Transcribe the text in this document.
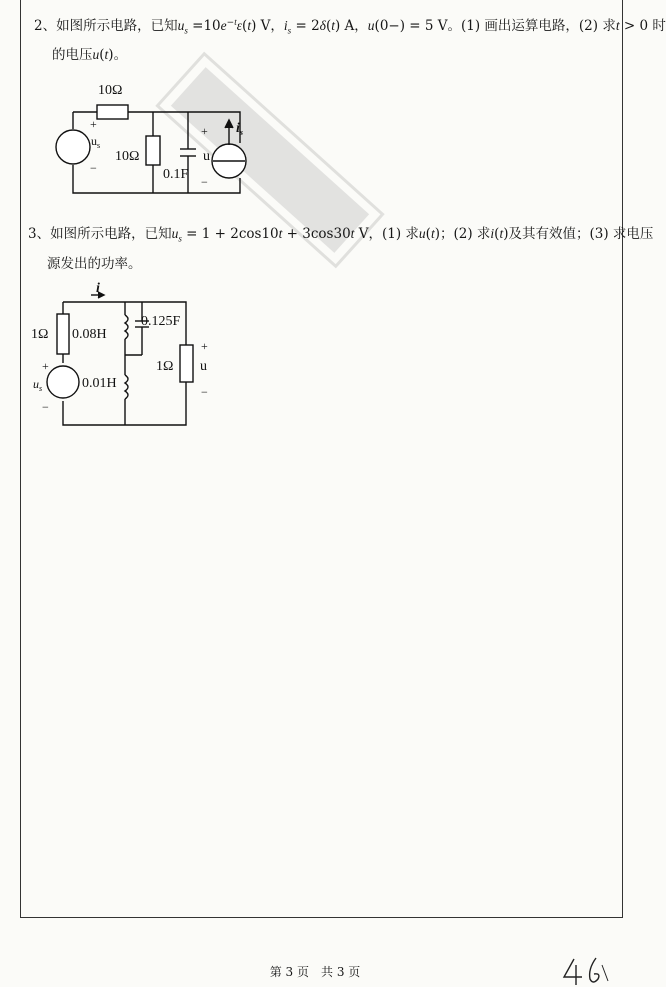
2、如图所示电路，已知$u_s =10e^{-t}\varepsilon(t)$ V，$i_s = 2\delta(t)$ A，u(0−) = 5 V。(1) 画出运算电路，(2) 求t > 0 时
的电压u(t)。
10Ω
$u_s$
+
−
10Ω
0.1F
u
+
−
$i_s$
3、如图所示电路，已知$u_s = 1 + 2\cos 10t + 3\cos 30t$ V，(1) 求u(t)；(2) 求i(t)及其有效值；(3) 求电压
源发出的功率。
i
1Ω 0.08H
0.125F
0.01H
1Ω u
+
−
$u_s$
+
−
第 3 页　共 3 页
